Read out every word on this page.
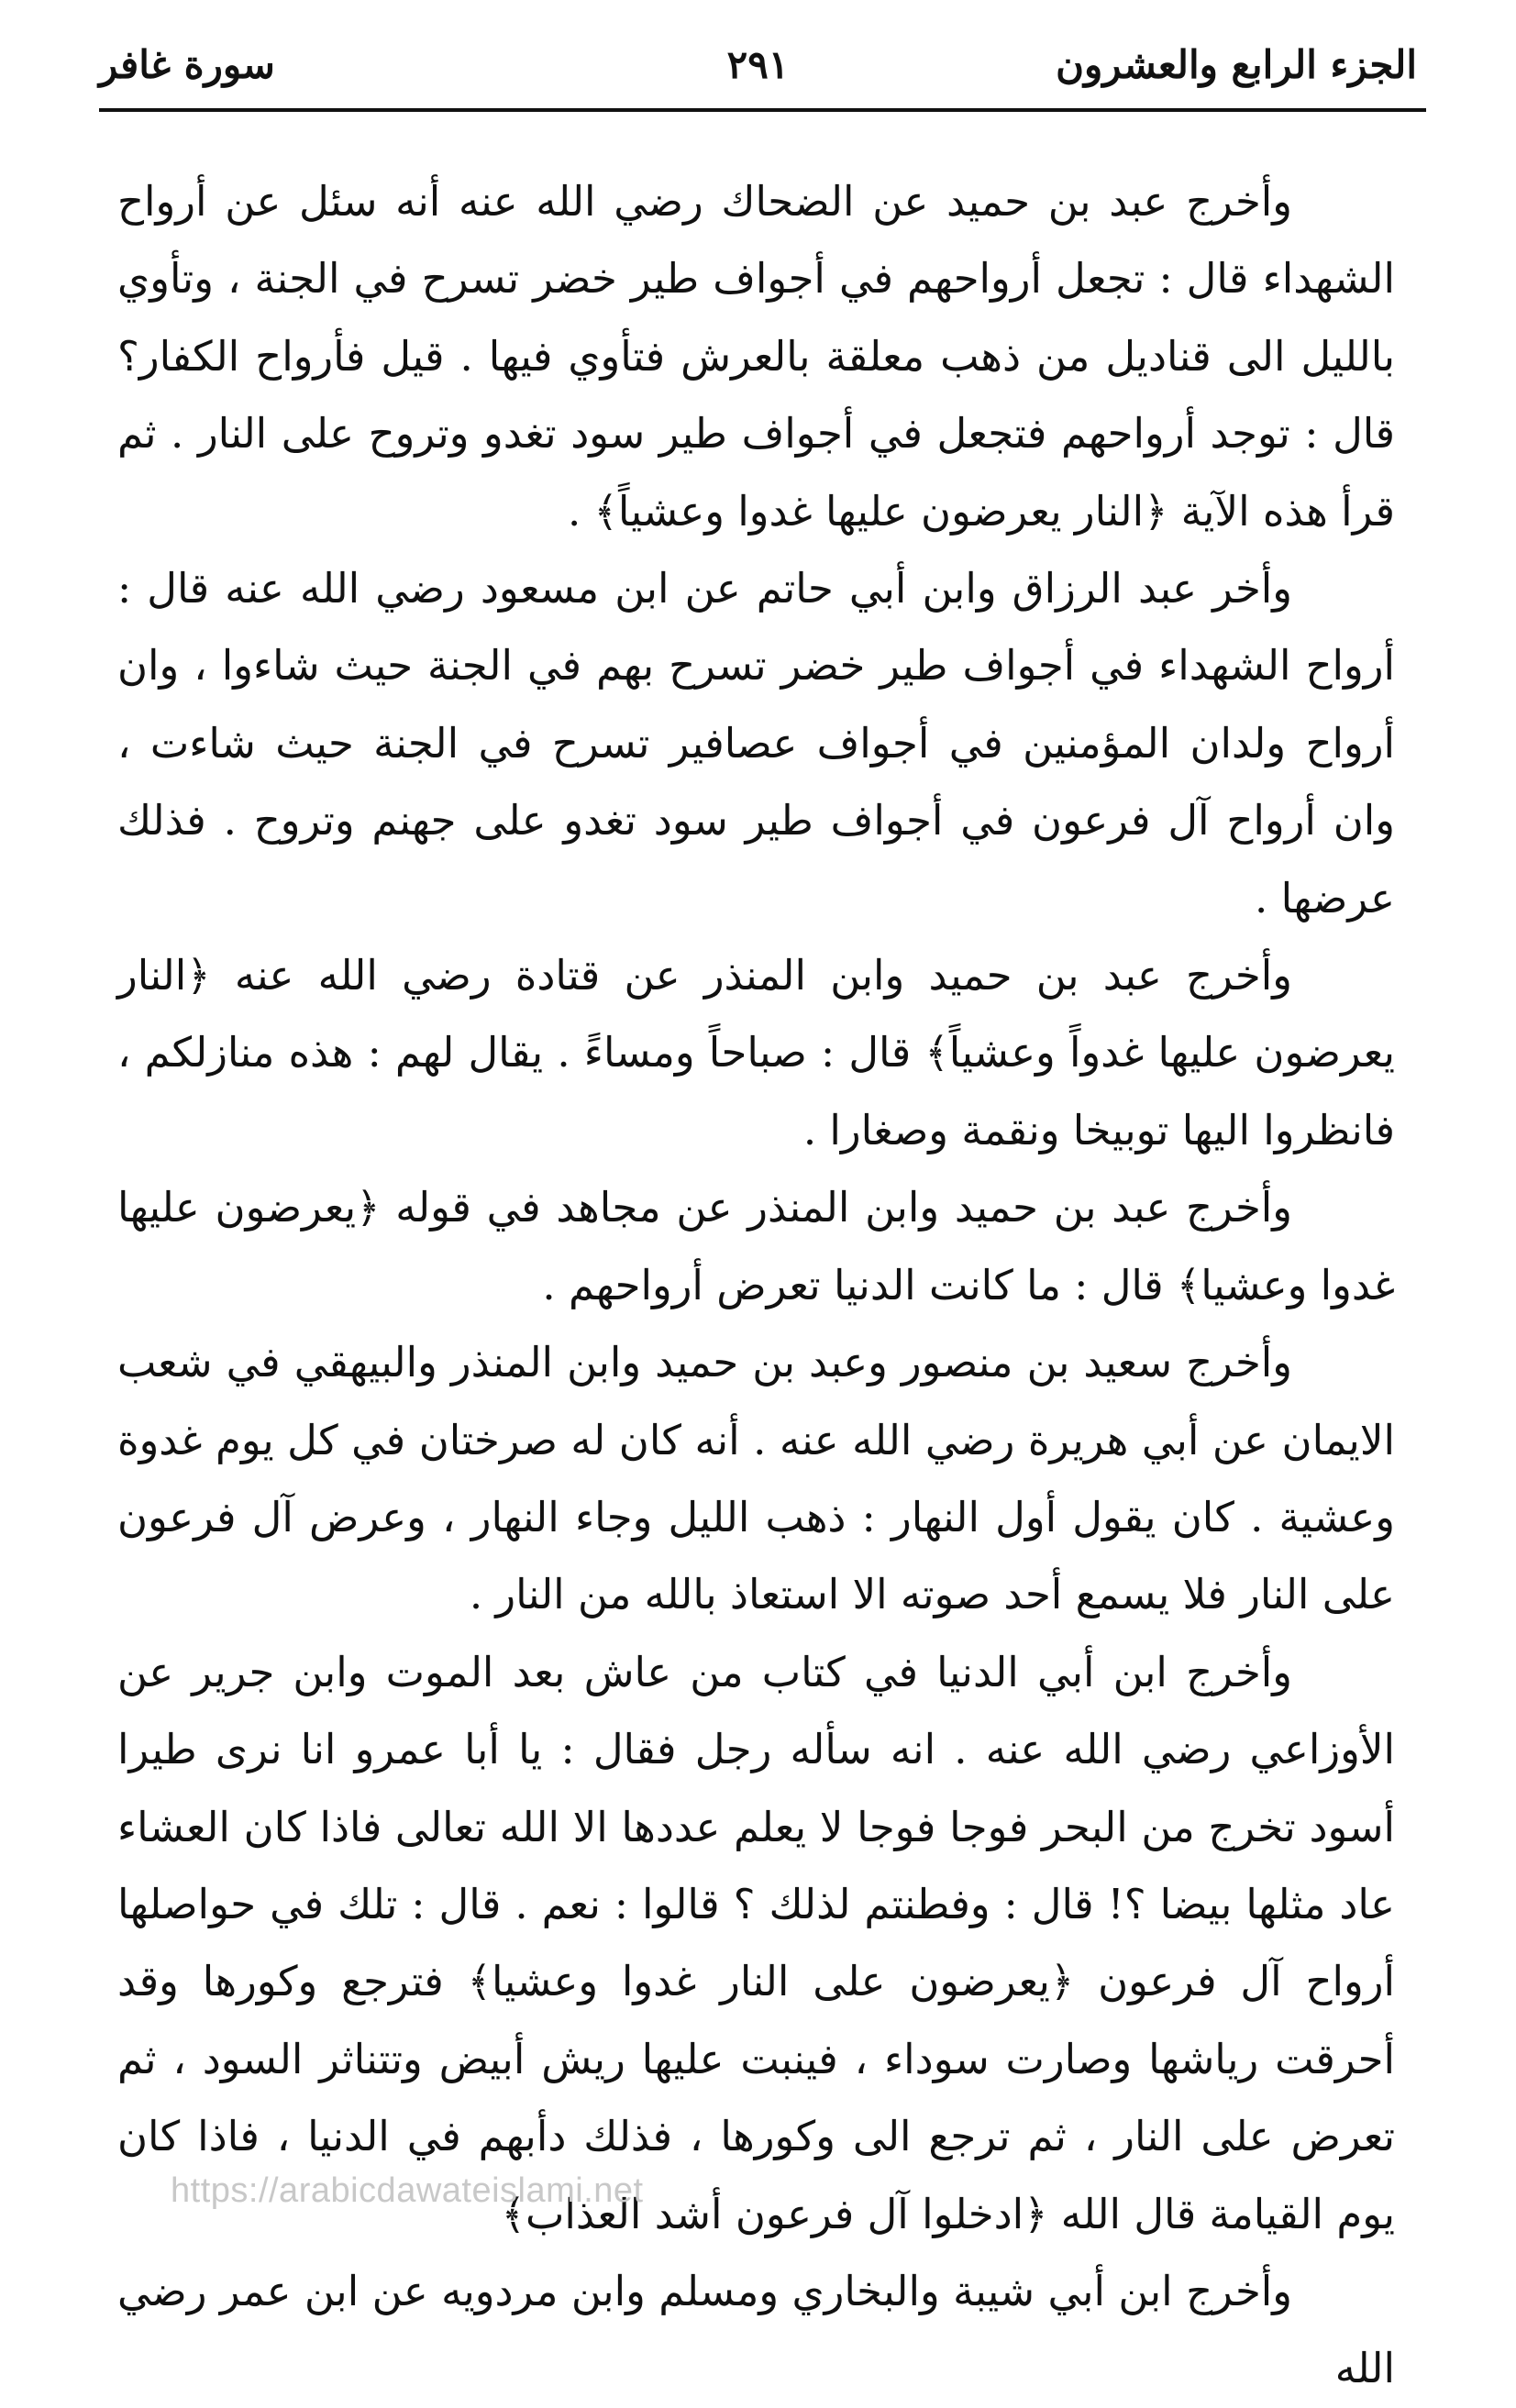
الجزء الرابع والعشرون
٢٩١
سورة غافر

وأخرج عبد بن حميد عن الضحاك رضي الله عنه أنه سئل عن أرواح الشهداء قال : تجعل أرواحهم في أجواف طير خضر تسرح في الجنة ، وتأوي بالليل الى قناديل من ذهب معلقة بالعرش فتأوي فيها . قيل فأرواح الكفار؟ قال : توجد أرواحهم فتجعل في أجواف طير سود تغدو وتروح على النار . ثم قرأ هذه الآية ﴿النار يعرضون عليها غدوا وعشياً﴾ .

وأخر عبد الرزاق وابن أبي حاتم عن ابن مسعود رضي الله عنه قال : أرواح الشهداء في أجواف طير خضر تسرح بهم في الجنة حيث شاءوا ، وان أرواح ولدان المؤمنين في أجواف عصافير تسرح في الجنة حيث شاءت ، وان أرواح آل فرعون في أجواف طير سود تغدو على جهنم وتروح . فذلك عرضها .

وأخرج عبد بن حميد وابن المنذر عن قتادة رضي الله عنه ﴿النار يعرضون عليها غدواً وعشياً﴾ قال : صباحاً ومساءً . يقال لهم : هذه منازلكم ، فانظروا اليها توبيخا ونقمة وصغارا .

وأخرج عبد بن حميد وابن المنذر عن مجاهد في قوله ﴿يعرضون عليها غدوا وعشيا﴾ قال : ما كانت الدنيا تعرض أرواحهم .

وأخرج سعيد بن منصور وعبد بن حميد وابن المنذر والبيهقي في شعب الايمان عن أبي هريرة رضي الله عنه . أنه كان له صرختان في كل يوم غدوة وعشية . كان يقول أول النهار : ذهب الليل وجاء النهار ، وعرض آل فرعون على النار فلا يسمع أحد صوته الا استعاذ بالله من النار .

وأخرج ابن أبي الدنيا في كتاب من عاش بعد الموت وابن جرير عن الأوزاعي رضي الله عنه . انه سأله رجل فقال : يا أبا عمرو انا نرى طيرا أسود تخرج من البحر فوجا فوجا لا يعلم عددها الا الله تعالى فاذا كان العشاء عاد مثلها بيضا ؟! قال : وفطنتم لذلك ؟ قالوا : نعم . قال : تلك في حواصلها أرواح آل فرعون ﴿يعرضون على النار غدوا وعشيا﴾ فترجع وكورها وقد أحرقت رياشها وصارت سوداء ، فينبت عليها ريش أبيض وتتناثر السود ، ثم تعرض على النار ، ثم ترجع الى وكورها ، فذلك دأبهم في الدنيا ، فاذا كان يوم القيامة قال الله ﴿ادخلوا آل فرعون أشد العذاب﴾

وأخرج ابن أبي شيبة والبخاري ومسلم وابن مردويه عن ابن عمر رضي الله

https://arabicdawateislami.net
